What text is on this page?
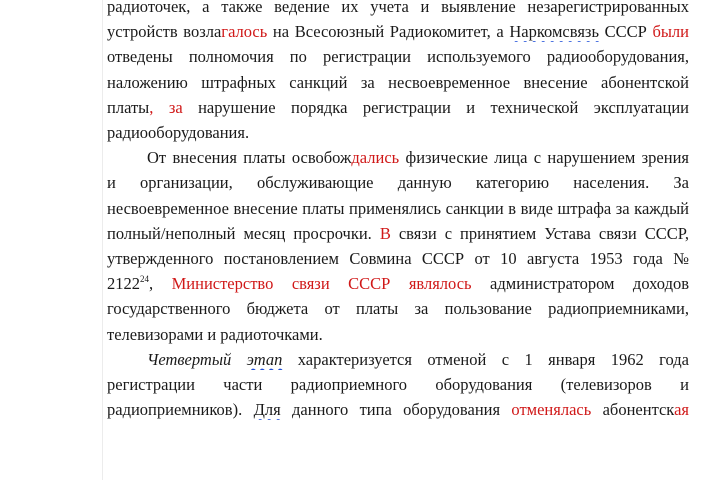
радиоточек, а также ведение их учета и выявление незарегистрированных
устройств возлагалось на Всесоюзный Радиокомитет, а Наркомсвязь СССР были
отведены полномочия по регистрации используемого радиооборудования,
наложению штрафных санкций за несвоевременное внесение абонентской
платы, за нарушение порядка регистрации и технической эксплуатации
радиооборудования.
От внесения платы освобождались физические лица с нарушением зрения
и организации, обслуживающие данную категорию населения. За
несвоевременное внесение платы применялись санкции в виде штрафа за каждый
полный/неполный месяц просрочки. В связи с принятием Устава связи СССР,
утвержденного постановлением Совмина СССР от 10 августа 1953 года №
2122$^{24}$, Министерство связи СССР являлось администратором доходов
государственного бюджета от платы за пользование радиоприемниками,
телевизорами и радиоточками.
Четвертый этап характеризуется отменой с 1 января 1962 года
регистрации части радиоприемного оборудования (телевизоров и
радиоприемников). Для данного типа оборудования отменялась абонентская
